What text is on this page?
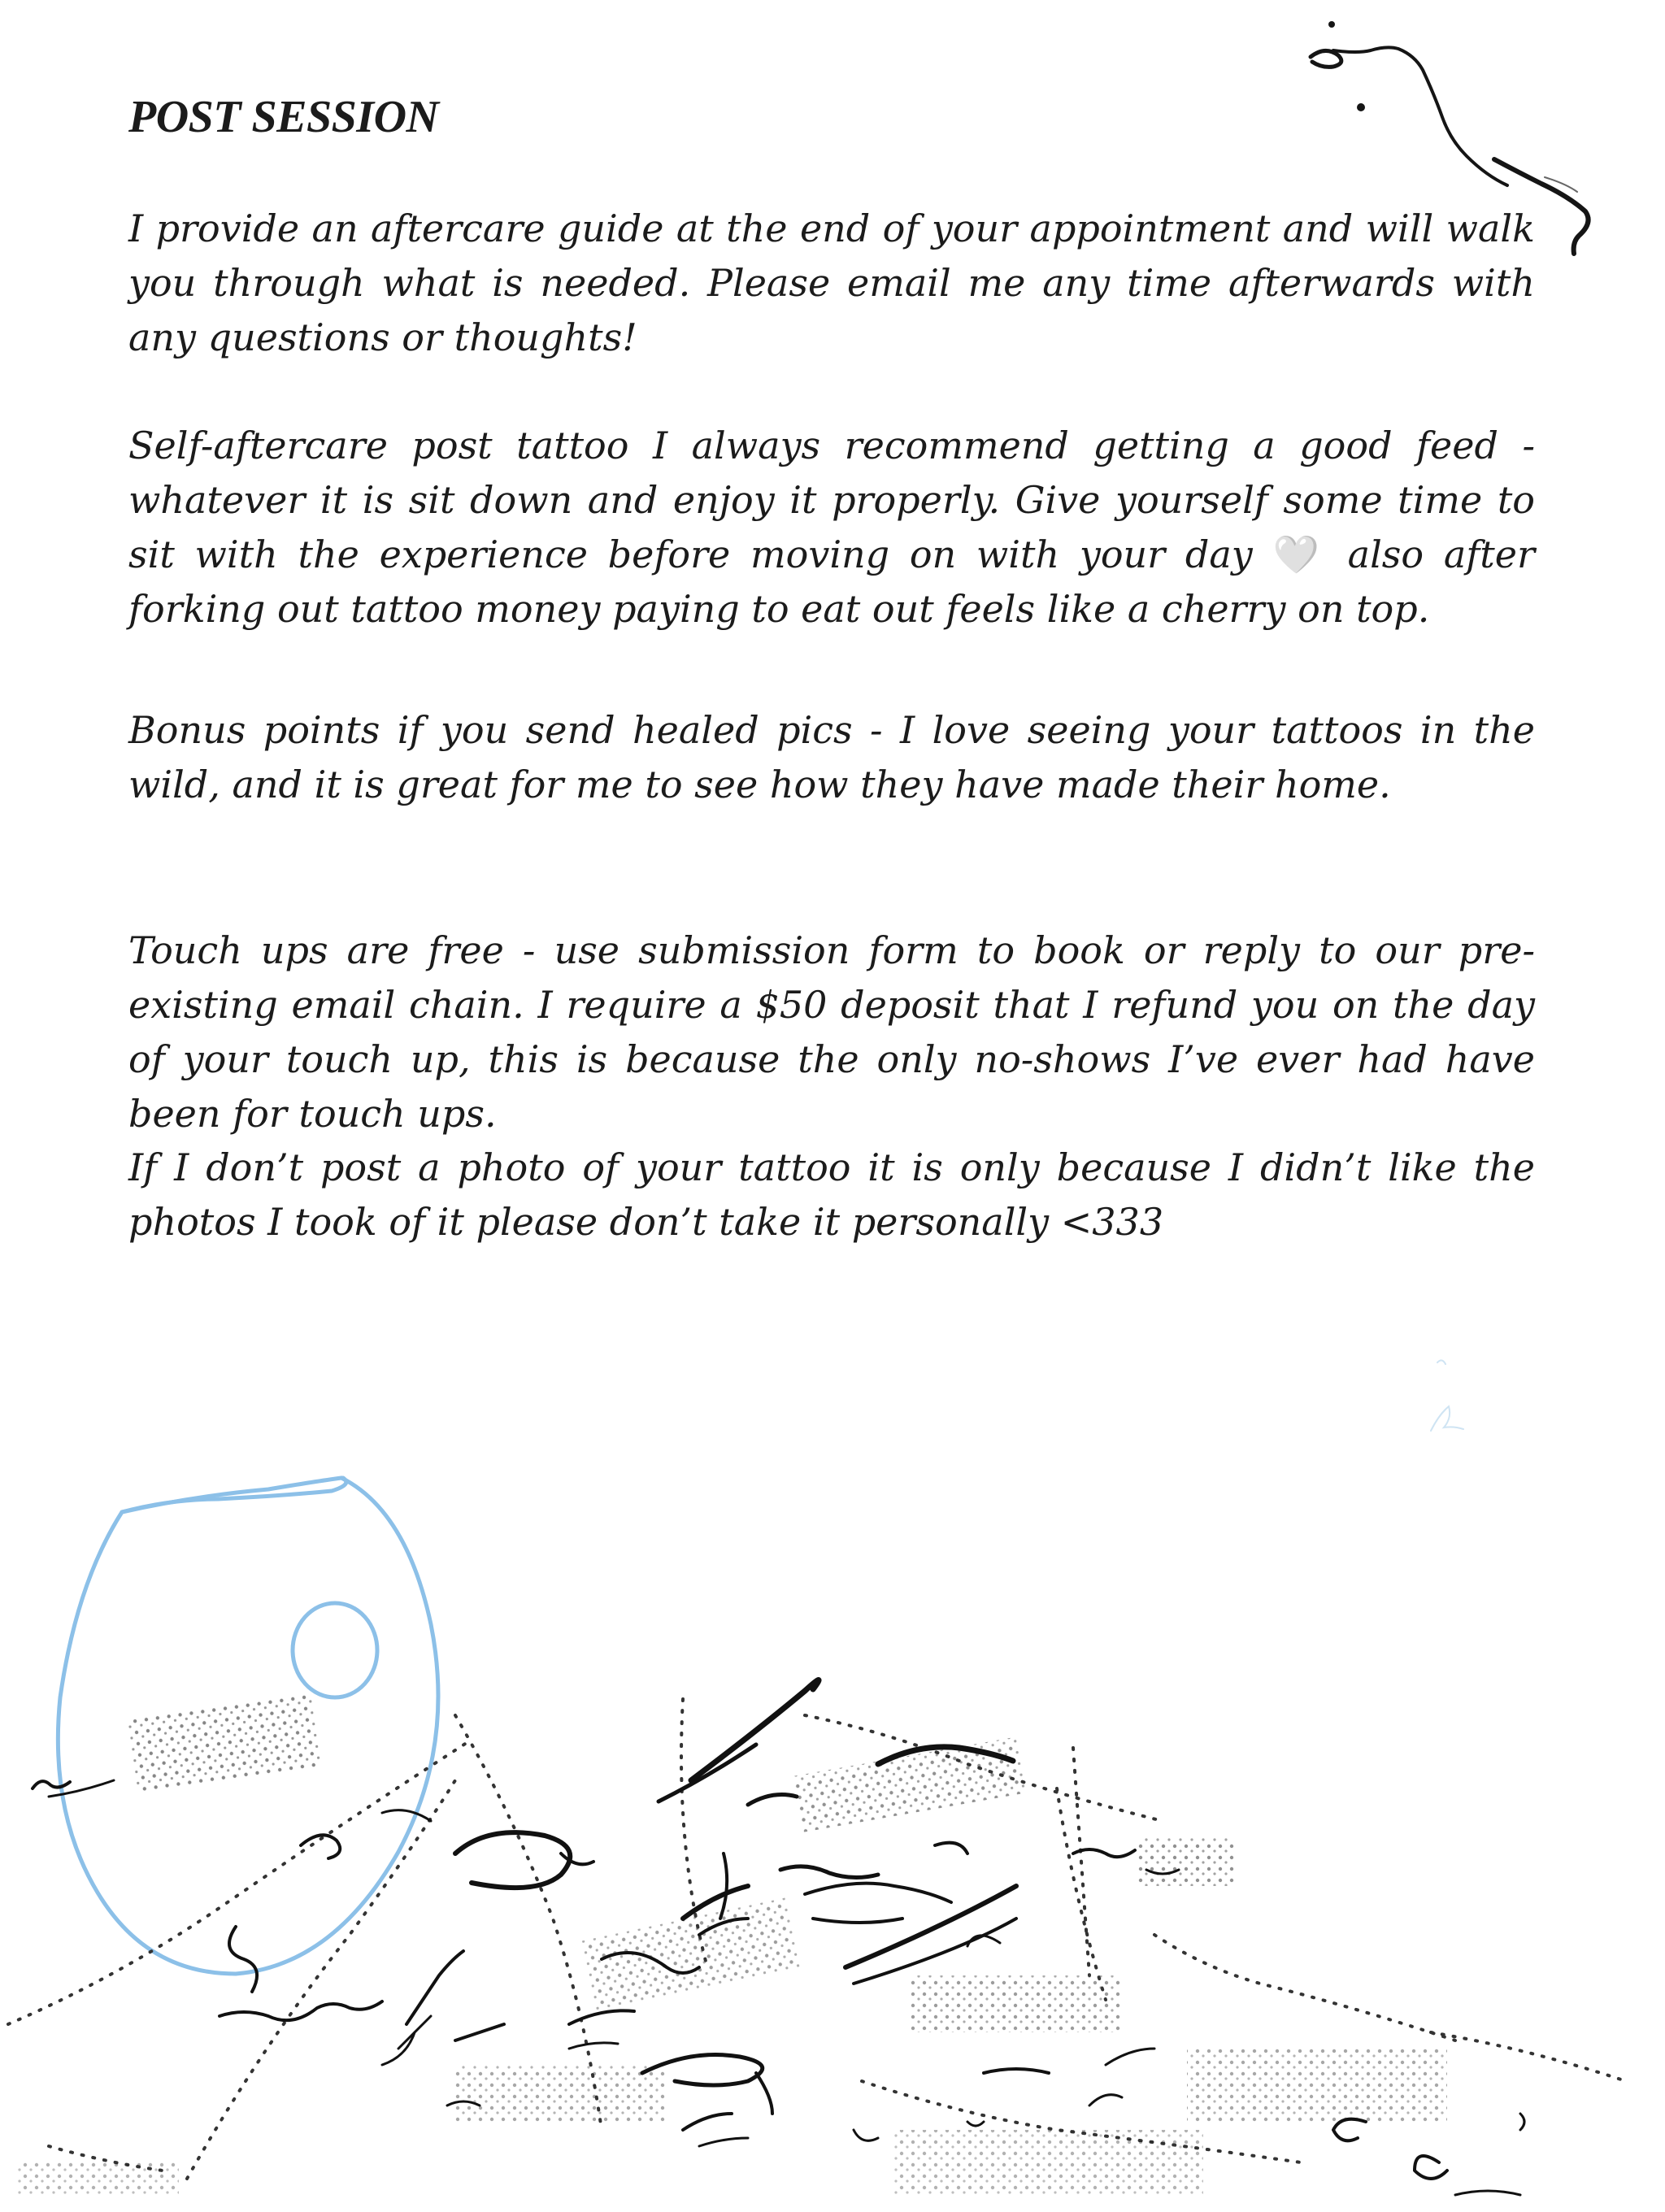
POST SESSION

I provide an aftercare guide at the end of your appointment and will walk you through what is needed. Please email me any time afterwards with any questions or thoughts!

Self-aftercare post tattoo I always recommend getting a good feed - whatever it is sit down and enjoy it properly. Give yourself some time to sit with the experience before moving on with your day 🤍 also after forking out tattoo money paying to eat out feels like a cherry on top.

Bonus points if you send healed pics - I love seeing your tattoos in the wild, and it is great for me to see how they have made their home.

Touch ups are free - use submission form to book or reply to our pre-existing email chain. I require a $50 deposit that I refund you on the day of your touch up, this is because the only no-shows I’ve ever had have been for touch ups.

If I don’t post a photo of your tattoo it is only because I didn’t like the photos I took of it please don’t take it personally <333
